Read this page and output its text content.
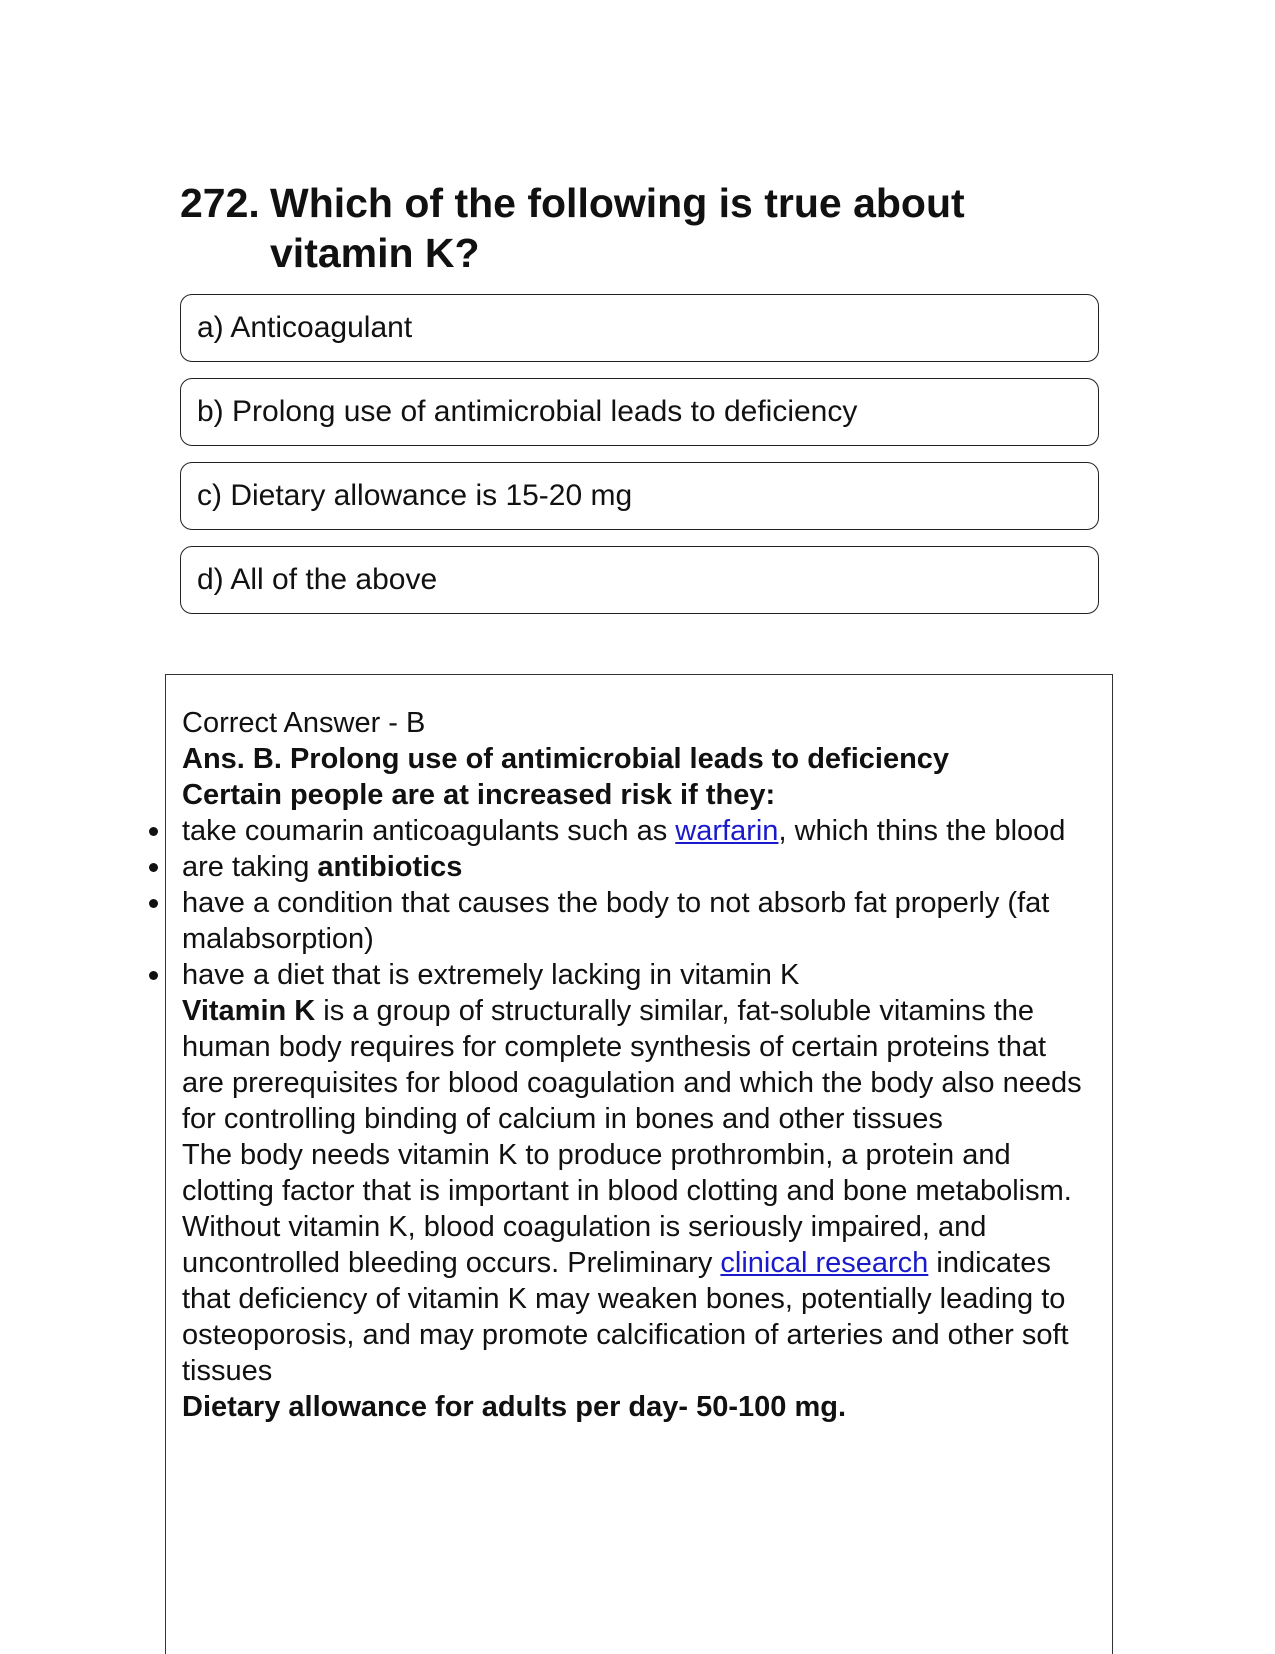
272. Which of the following is true about vitamin K?
a) Anticoagulant
b) Prolong use of antimicrobial leads to deficiency
c) Dietary allowance is 15-20 mg
d) All of the above

Correct Answer - B

Ans. B. Prolong use of antimicrobial leads to deficiency

Certain people are at increased risk if they:

take coumarin anticoagulants such as warfarin, which thins the blood
are taking antibiotics
have a condition that causes the body to not absorb fat properly (fat malabsorption)
have a diet that is extremely lacking in vitamin K

Vitamin K is a group of structurally similar, fat-soluble vitamins the human body requires for complete synthesis of certain proteins that are prerequisites for blood coagulation and which the body also needs for controlling binding of calcium in bones and other tissues

The body needs vitamin K to produce prothrombin, a protein and clotting factor that is important in blood clotting and bone metabolism.

Without vitamin K, blood coagulation is seriously impaired, and uncontrolled bleeding occurs. Preliminary clinical research indicates that deficiency of vitamin K may weaken bones, potentially leading to osteoporosis, and may promote calcification of arteries and other soft tissues

Dietary allowance for adults per day- 50-100 mg.
